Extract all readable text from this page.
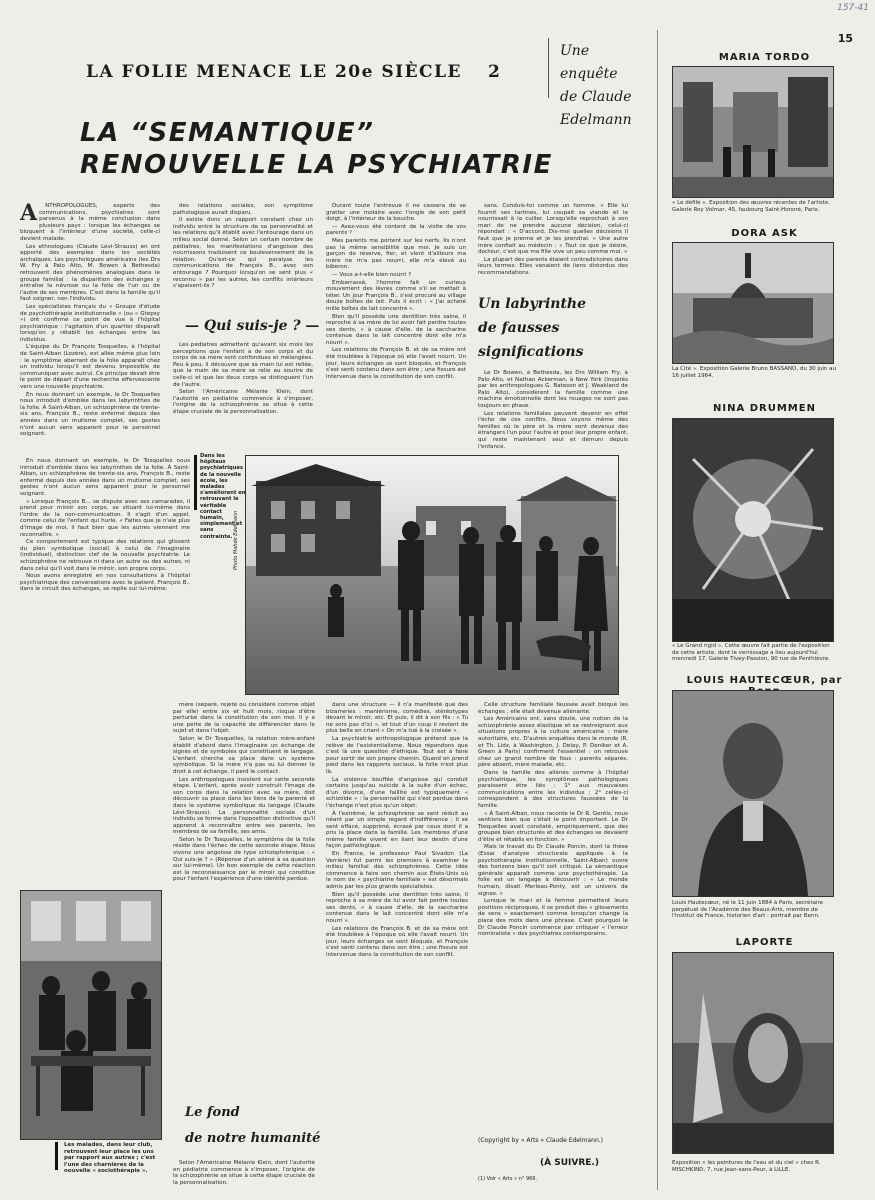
157-41
15
LA FOLIE MENACE LE 20e SIÈCLE 2
Une enquête de Claude Edelmann
LA “SEMANTIQUE”
RENOUVELLE LA PSYCHIATRIE
A	NTHROPOLOGUES, experts des communications, psychiatres sont parvenus à la même conclusion dans plusieurs pays : lorsque les échanges se bloquent à l'intérieur d'une société, celle-ci devient malade.

Les ethnologues (Claude Lévi-Strauss) en ont apporté des exemples dans les sociétés archaïques. Les psychologues américains (les Drs W. Fry à Palo Alto, M. Bowen à Bethesda) retrouvent des phénomènes analogues dans le groupe familial : la disparition des échanges y entraîne la névrose ou la folie de l'un ou de l'autre de ses membres. C'est dans la famille qu'il faut soigner, non l'individu.

Les spécialistes français du « Groupe d'étude de psychothérapie institutionnelle » (ou « Gtepsy ») ont confirmé ce point de vue à l'hôpital psychiatrique : l'agitation d'un quartier disparaît lorsqu'on y rétablit les échanges entre les individus.

L'équipe du Dr François Tosquelles, à l'hôpital de Saint-Alban (Lozère), est allée même plus loin : le symptôme aberrant de la folie apparaît chez un individu lorsqu'il est devenu impossible de communiquer avec autrui. Ce principe devait être le point de départ d'une recherche effervescente vers une nouvelle psychiatrie.

En nous donnant un exemple, le Dr Tosquelles nous introduit d'emblée dans les labyrinthes de la folie. À Saint-Alban, un schizophrène de trente-six ans, François B., reste enfermé depuis des années dans un mutisme complet, ses gestes n'ont aucun sens apparent pour le personnel soignant.

des relations sociales, son symptôme pathologique aurait disparu.

Il existe donc un rapport constant chez un individu entre la structure de sa personnalité et les relations qu'il établit avec l'entourage dans un milieu social donné. Selon un certain nombre de pédiatres, les manifestations d'angoisse des nourrissons traduisent ce bouleversement de la relation. Qu'est-ce qui paralyse les communications de François B., avec son entourage ? Pourquoi lorsqu'on se sent plus « reconnu » par les autres, les conflits intérieurs s'apaisent-ils ?

— Qui suis-je ? —

Les pédiatres admettent qu'avant six mois les perceptions que l'enfant a de son corps et du corps de sa mère sont confondues et mélangées. Peu à peu, il découvre que sa main lui est reliée, que la main de sa mère se relie au sourire de celle-ci et que les deux corps se distinguent l'un de l'autre.

Selon l'Américaine Mélanie Klein, dont l'autorité en pédiatrie commence à s'imposer, l'origine de la schizophrénie se situe à cette étape cruciale de la personnalisation.

Durant toute l'entrevue il ne cessera de se gratter une molaire avec l'ongle de son petit doigt, à l'intérieur de la bouche.

— Avez-vous été content de la visite de vos parents ?

Mes parents me portent sur les nerfs. Ils n'ont pas la même sensibilité que moi. Je suis un garçon de réserve, fier, et vient d'ailleurs ma mère ne m'a pas nourri, elle m'a élevé au biberon.

— Vous a-t-elle bien nourri ?

Embarrassé, l'homme fait un curieux mouvement des lèvres comme s'il se mettait à téter. Un jour François B., s'est procuré au village douze boîtes de lait. Puis il écrit : « J'ai acheté mille boîtes de lait concentré ».

Bien qu'il possède une dentition très saine, il reproche à sa mère de lui avoir fait perdre toutes ses dents, « à cause d'elle, de la saccharine contenue dans le lait concentré dont elle m'a nourri ».

Les relations de François B. et de sa mère ont été troublées à l'époque où elle l'avait nourri. Un jour, leurs échanges se sont bloqués, et François s'est senti contenu dans son être ; une fissure est intervenue dans la constitution de son conflit.

sans. Conduis-toi comme un homme. » Elle lui fournit ses tartines, lui coupait sa viande et le nourrissait à la cuiller. Lorsqu'elle reprochait à son mari de ne prendre aucune décision, celui-ci répondait : « D'accord. Dis-moi quelles décisions il faut que je prenne et je les prendrai. » Une autre mère confiait au médecin : « Tout ce que je désire, docteur, c'est que ma fille vive un peu comme moi. »

La plupart des parents étaient contradictoires dans leurs termes. Elles venaient de liens distordus des recommandations.

Un labyrinthe
de fausses
significations

Le Dr Bowen, à Bethesda, les Drs William Fry, à Palo Alto, et Nathan Ackerman, à New York (inspirés par les anthropologues G. Bateson et J. Weakland de Palo Alto), considèrent la famille comme une machine émotionnelle dont les rouages ne sont pas toujours en phase.

Les relations familiales peuvent devenir en effet l'écho de ces conflits. Nous voyons même des familles où le père et la mère sont devenus des étrangers l'un pour l'autre et pour leur propre enfant, qui reste maintenant seul et démuni depuis l'enfance.

Dans les hôpitaux psychiatriques de la nouvelle école, les malades s'améliorent en retrouvant le véritable contact humain, simplement et sans contrainte.

En nous donnant un exemple, le Dr Tosquelles nous introduit d'emblée dans les labyrinthes de la folie. À Saint-Alban, un schizophrène de trente-six ans, François B., reste enfermé depuis des années dans un mutisme complet, ses gestes n'ont aucun sens apparent pour le personnel soignant.

« Lorsque François B... se dispute avec ses camarades, il prend pour miroir son corps, se situant lui-même dans l'ordre de la non-communication. Il s'agit d'un appel, comme celui de l'enfant qui hurle. « Faites que je n'aie plus d'image de moi, il faut bien que les autres viennent me reconnaître. »

Ce comportement est typique des relations qui glissent du plan symbolique (social) à celui de l'imaginaire (individuel), distinction clef de la nouvelle psychiatrie. Le schizophrène ne retrouve ni dans un autre ou des autres, ni dans celui qu'il voit dans le miroir, son propre corps.

Nous avons enregistré en nos consultations à l'hôpital psychiatrique des conversations avec le patient. François B., dans le circuit des échanges, se replie sur lui-même.

Photo Mahde Edelmann

mère (séparé, rejeté ou considéré comme objet par elle) entre six et huit mois, risque d'être perturbé dans la constitution de son moi. Il y a une perte de la capacité de différencier dans le sujet et dans l'objet.

Selon le Dr Tosquelles, la relation mère-enfant établit d'abord dans l'imaginaire un échange de signes et de symboles qui constituent le langage. L'enfant cherche sa place dans un système symbolique. Si la mère n'a pas su lui donner le droit à cet échange, il perd le contact.

Les anthropologues insistent sur cette seconde étape. L'enfant, après avoir construit l'image de son corps dans la relation avec sa mère, doit découvrir sa place dans les liens de la parenté et dans le système symbolique du langage (Claude Lévi-Strauss). La personnalité sociale d'un individu se forme dans l'opposition distinctive qu'il apprend à reconnaître entre ses parents, les membres de sa famille, ses amis.

Selon le Dr Tosquelles, le symptôme de la folie réside dans l'échec de cette seconde étape. Nous vivons une angoisse de type schizophrénique : « Qui suis-je ? » (Réponse d'un aliéné à sa question sur lui-même). Un bon exemple de cette réaction est la reconnaissance par le miroir qui constitue pour l'enfant l'expérience d'une identité perdue.

Le fond
de notre humanité

Selon l'Américaine Mélanie Klein, dont l'autorité en pédiatrie commence à s'imposer, l'origine de la schizophrénie se situe à cette étape cruciale de la personnalisation.

dans une structure — il n'a manifesté que des bizarreries : maniérisme, comédies, stéréotypes devant le miroir, etc. Et puis, il dit à son fils : « Tu ne sors pas d'ici », et tout d'un coup il revient de plus belle en criant « On m'a tué à la croisée ».

La psychiatrie anthropologique prétend que la relève de l'existentialisme. Nous répondons que c'est là une question d'éthique. Tout est à faire pour sortir de son propre chemin. Quand on prend pied dans les rapports sociaux, la folie n'est plus là.

La violence bouffée d'angoisse qui conduit certains jusqu'au suicide à la suite d'un échec, d'un divorce, d'une faillite est typiquement « schizoïde » : la personnalité qui s'est perdue dans l'échange n'est plus qu'un objet.

À l'extrême, le schizophrène se sent réduit au néant par un simple regard d'indifférence ; il se sent effacé, supprimé, écrasé par ceux dont il a pris la place dans la famille. Les membres d'une même famille vivent en liant leur destin d'une façon pathologique.

En France, le professeur Paul Sivadon (La Verrière) fut parmi les premiers à examiner le milieu familial des schizophrènes. Cette idée commence à faire son chemin aux États-Unis où le nom de « psychiatrie familiale » est désormais admis par les plus grands spécialistes.

Bien qu'il possède une dentition très saine, il reproche à sa mère de lui avoir fait perdre toutes ses dents, « à cause d'elle, de la saccharine contenue dans le lait concentré dont elle m'a nourri ».

Les relations de François B. et de sa mère ont été troublées à l'époque où elle l'avait nourri. Un jour, leurs échanges se sont bloqués, et François s'est senti contenu dans son être ; une fissure est intervenue dans la constitution de son conflit.

Celle structure familiale faussée avait bloqué les échanges ; elle était devenue aliénante.

Les Américains ont, sans doute, une notion de la schizophrénie assez élastique et se restreignent aux situations propres à la culture américaine : mère autoritaire, etc. D'autres enquêtes dans le monde (R. et Th. Lidz, à Washington, J. Delay, P. Deniker et A. Green à Paris) confirment l'essentiel : on retrouve chez un grand nombre de fous : parents séparés, père absent, mère malade, etc.

Dans la famille des aliénés comme à l'hôpital psychiatrique, les symptômes pathologiques paraissent être liés : 1° aux mauvaises communications entre les individus ; 2° celles-ci correspondent à des structures faussées de la famille.

« À Saint-Alban, nous raconte le Dr R. Gentis, nous sentions bien que c'était le point important. Le Dr Tosquelles avait constaté, empiriquement, que des groupes bien structurés et des échanges se devaient d'être et rétablis en fonction. »

Mais le travail du Dr Claude Poncin, dont la thèse (Essai d'analyse structurale appliquée à la psychothérapie institutionnelle, Saint-Alban) ouvre des horizons bien qu'il soit critiqué. La sémantique générale apparaît comme une psychothérapie. La folie est un langage à découvrir : « Le monde humain, disait Merleau-Ponty, est un univers de signes. »

Lorsque le mari et la femme permettent leurs positions réciproques, il se produit des « glissements de sens » exactement comme lorsqu'on change la place des mots dans une phrase. C'est pourquoi le Dr Claude Poncin commence par critiquer « l'erreur nominaliste » des psychiatres contemporains.

(Copyright by « Arts » Claude Edelmann.)
(À SUIVRE.)
(1) Voir « Arts » n° 966.
Les malades, dans leur club, retrouvent leur place les uns par rapport aux autres ; c'est l'une des charnières de la nouvelle « sociothérapie ».
MARIA TORDO
« Le défilé ». Exposition des œuvres récentes de l'artiste. Galerie Roy Volmar, 45, faubourg Saint-Honoré, Paris.
DORA ASK
La Cité ». Exposition Galerie Bruno BASSANO, du 30 juin au 16 juillet 1964.
NINA DRUMMEN
« Le Grand rigid ». Cette œuvre fait partie de l'exposition de cette artiste, dont le vernissage a lieu aujourd'hui mercredi 17, Galerie Tivey-Passion, 90 rue de Penthièvre.
LOUIS HAUTECŒUR, par
Louis Hautecœur, né le 11 juin 1884 à Paris, secrétaire perpétuel de l'Académie des Beaux-Arts, membre de l'Institut de France, historien d'art : portrait par Benn.
LAPORTE
Exposition « les peintures de l'eau et du ciel » chez R. MISCHKIND, 7, rue Jean-sans-Peur, à LILLE.
